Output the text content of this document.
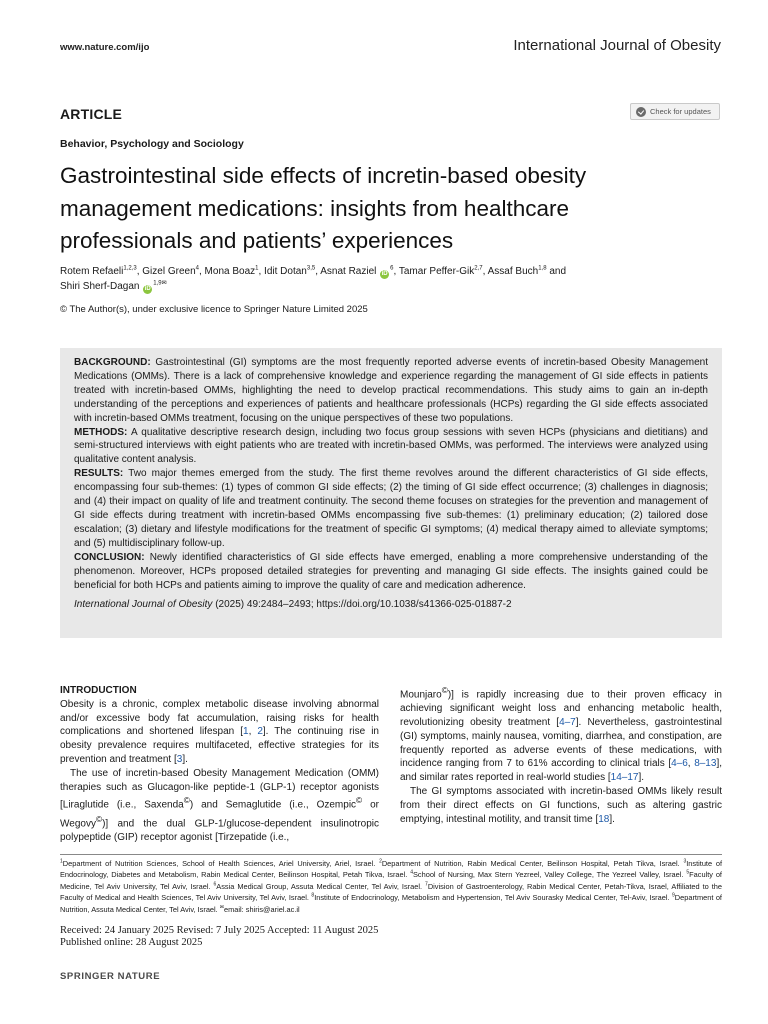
www.nature.com/ijo	International Journal of Obesity
ARTICLE	Check for updates
Behavior, Psychology and Sociology
Gastrointestinal side effects of incretin-based obesity management medications: insights from healthcare professionals and patients’ experiences
Rotem Refaeli$^{1,2,3}$, Gizel Green$^4$, Mona Boaz$^1$, Idit Dotan$^{3,5}$, Asnat Raziel $iD^6$, Tamar Peffer-Gik$^{2,7}$, Assaf Buch$^{1,8}$ and
Shiri Sherf-Dagan $iD^{1,9✉}$
© The Author(s), under exclusive licence to Springer Nature Limited 2025

BACKGROUND: Gastrointestinal (GI) symptoms are the most frequently reported adverse events of incretin-based Obesity Management Medications (OMMs). There is a lack of comprehensive knowledge and experience regarding the management of GI side effects in patients treated with incretin-based OMMs, highlighting the need to develop practical recommendations. This study aims to gain an in-depth understanding of the perceptions and experiences of patients and healthcare professionals (HCPs) regarding the GI side effects associated with incretin-based OMMs treatment, focusing on the unique perspectives of these two populations.

METHODS: A qualitative descriptive research design, including two focus group sessions with seven HCPs (physicians and dietitians) and semi-structured interviews with eight patients who are treated with incretin-based OMMs, was performed. The interviews were analyzed using qualitative content analysis.

RESULTS: Two major themes emerged from the study. The first theme revolves around the different characteristics of GI side effects, encompassing four sub-themes: (1) types of common GI side effects; (2) the timing of GI side effect occurrence; (3) challenges in diagnosis; and (4) their impact on quality of life and treatment continuity. The second theme focuses on strategies for the prevention and management of GI side effects during treatment with incretin-based OMMs encompassing five sub-themes: (1) preliminary education; (2) tailored dose escalation; (3) dietary and lifestyle modifications for the treatment of specific GI symptoms; (4) medical therapy aimed to alleviate symptoms; and (5) multidisciplinary follow-up.

CONCLUSION: Newly identified characteristics of GI side effects have emerged, enabling a more comprehensive understanding of the phenomenon. Moreover, HCPs proposed detailed strategies for preventing and managing GI side effects. The insights gained could be beneficial for both HCPs and patients aiming to improve the quality of care and medication adherence.

International Journal of Obesity (2025) 49:2484–2493; https://doi.org/10.1038/s41366-025-01887-2

INTRODUCTION

Obesity is a chronic, complex metabolic disease involving abnormal and/or excessive body fat accumulation, raising risks for health complications and shortened lifespan [1, 2]. The continuing rise in obesity prevalence requires multifaceted, effective strategies for its prevention and treatment [3].

The use of incretin-based Obesity Management Medication (OMM) therapies such as Glucagon-like peptide-1 (GLP-1) receptor agonists [Liraglutide (i.e., Saxenda©) and Semaglutide (i.e., Ozempic© or Wegovy©)] and the dual GLP-1/glucose-dependent insulinotropic polypeptide (GIP) receptor agonist [Tirzepatide (i.e.,

Mounjaro©)] is rapidly increasing due to their proven efficacy in achieving significant weight loss and enhancing metabolic health, revolutionizing obesity treatment [4–7]. Nevertheless, gastrointestinal (GI) symptoms, mainly nausea, vomiting, diarrhea, and constipation, are frequently reported as adverse events of these medications, with incidence ranging from 7 to 61% according to clinical trials [4–6, 8–13], and similar rates reported in real-world studies [14–17].

The GI symptoms associated with incretin-based OMMs likely result from their direct effects on GI functions, such as altering gastric emptying, intestinal motility, and transit time [18].

$^1$Department of Nutrition Sciences, School of Health Sciences, Ariel University, Ariel, Israel. $^2$Department of Nutrition, Rabin Medical Center, Beilinson Hospital, Petah Tikva, Israel. $^3$Institute of Endocrinology, Diabetes and Metabolism, Rabin Medical Center, Beilinson Hospital, Petah Tikva, Israel. $^4$School of Nursing, Max Stern Yezreel, Valley College, The Yezreel Valley, Israel. $^5$Faculty of Medicine, Tel Aviv University, Tel Aviv, Israel. $^6$Assia Medical Group, Assuta Medical Center, Tel Aviv, Israel. $^7$Division of Gastroenterology, Rabin Medical Center, Petah-Tikva, Israel, Affiliated to the Faculty of Medical and Health Sciences, Tel Aviv University, Tel Aviv, Israel. $^8$Institute of Endocrinology, Metabolism and Hypertension, Tel Aviv Sourasky Medical Center, Tel-Aviv, Israel. $^9$Department of Nutrition, Assuta Medical Center, Tel Aviv, Israel. ✉email: shiris@ariel.ac.il
Received: 24 January 2025 Revised: 7 July 2025 Accepted: 11 August 2025
Published online: 28 August 2025
SPRINGER NATURE
